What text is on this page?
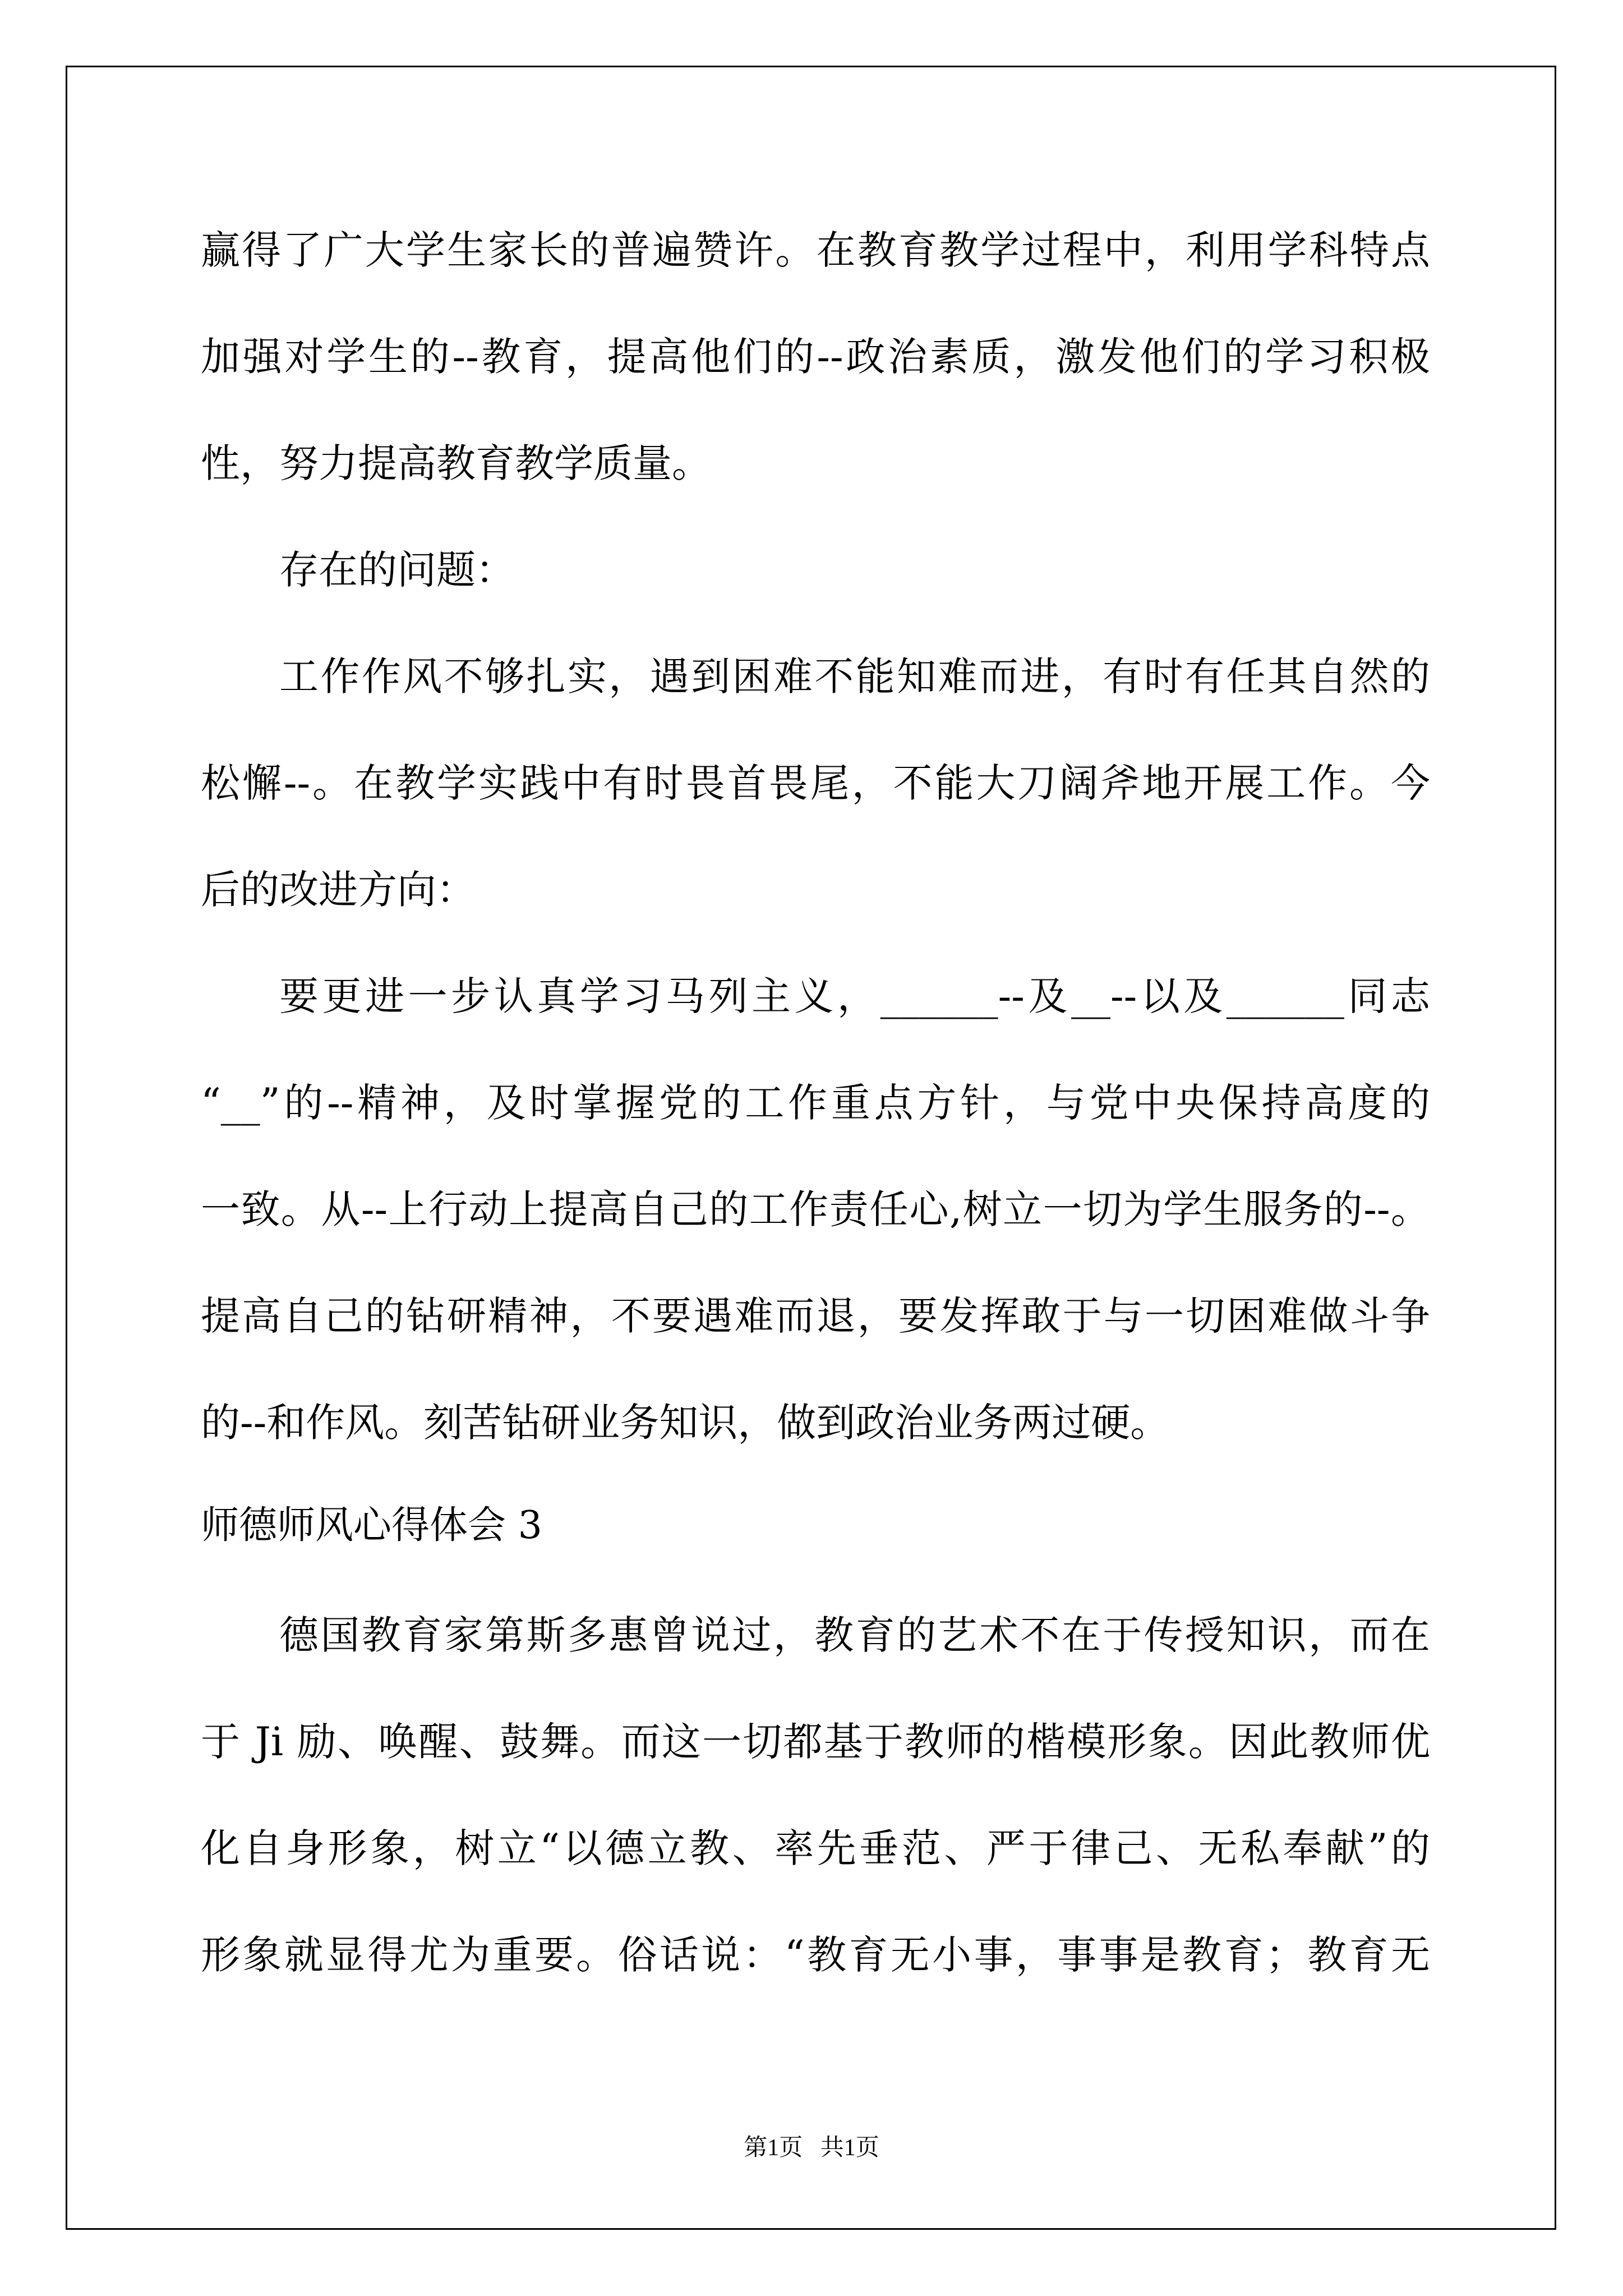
赢得了广大学生家长的普遍赞许。在教育教学过程中，利用学科特点
加强对学生的--教育，提高他们的--政治素质，激发他们的学习积极
性，努力提高教育教学质量。
存在的问题：
工作作风不够扎实，遇到困难不能知难而进，有时有任其自然的
松懈--。在教学实践中有时畏首畏尾，不能大刀阔斧地开展工作。今
后的改进方向：
要更进一步认真学习马列主义，______--及__--以及______同志
“__”的--精神，及时掌握党的工作重点方针，与党中央保持高度的
一致。从--上行动上提高自己的工作责任心,树立一切为学生服务的--。
提高自己的钻研精神，不要遇难而退，要发挥敢于与一切困难做斗争
的--和作风。刻苦钻研业务知识，做到政治业务两过硬。
师德师风心得体会 3
德国教育家第斯多惠曾说过，教育的艺术不在于传授知识，而在
于 Ji 励、唤醒、鼓舞。而这一切都基于教师的楷模形象。因此教师优
化自身形象，树立“以德立教、率先垂范、严于律己、无私奉献”的
形象就显得尤为重要。俗话说：“教育无小事，事事是教育；教育无
第1页   共1页
